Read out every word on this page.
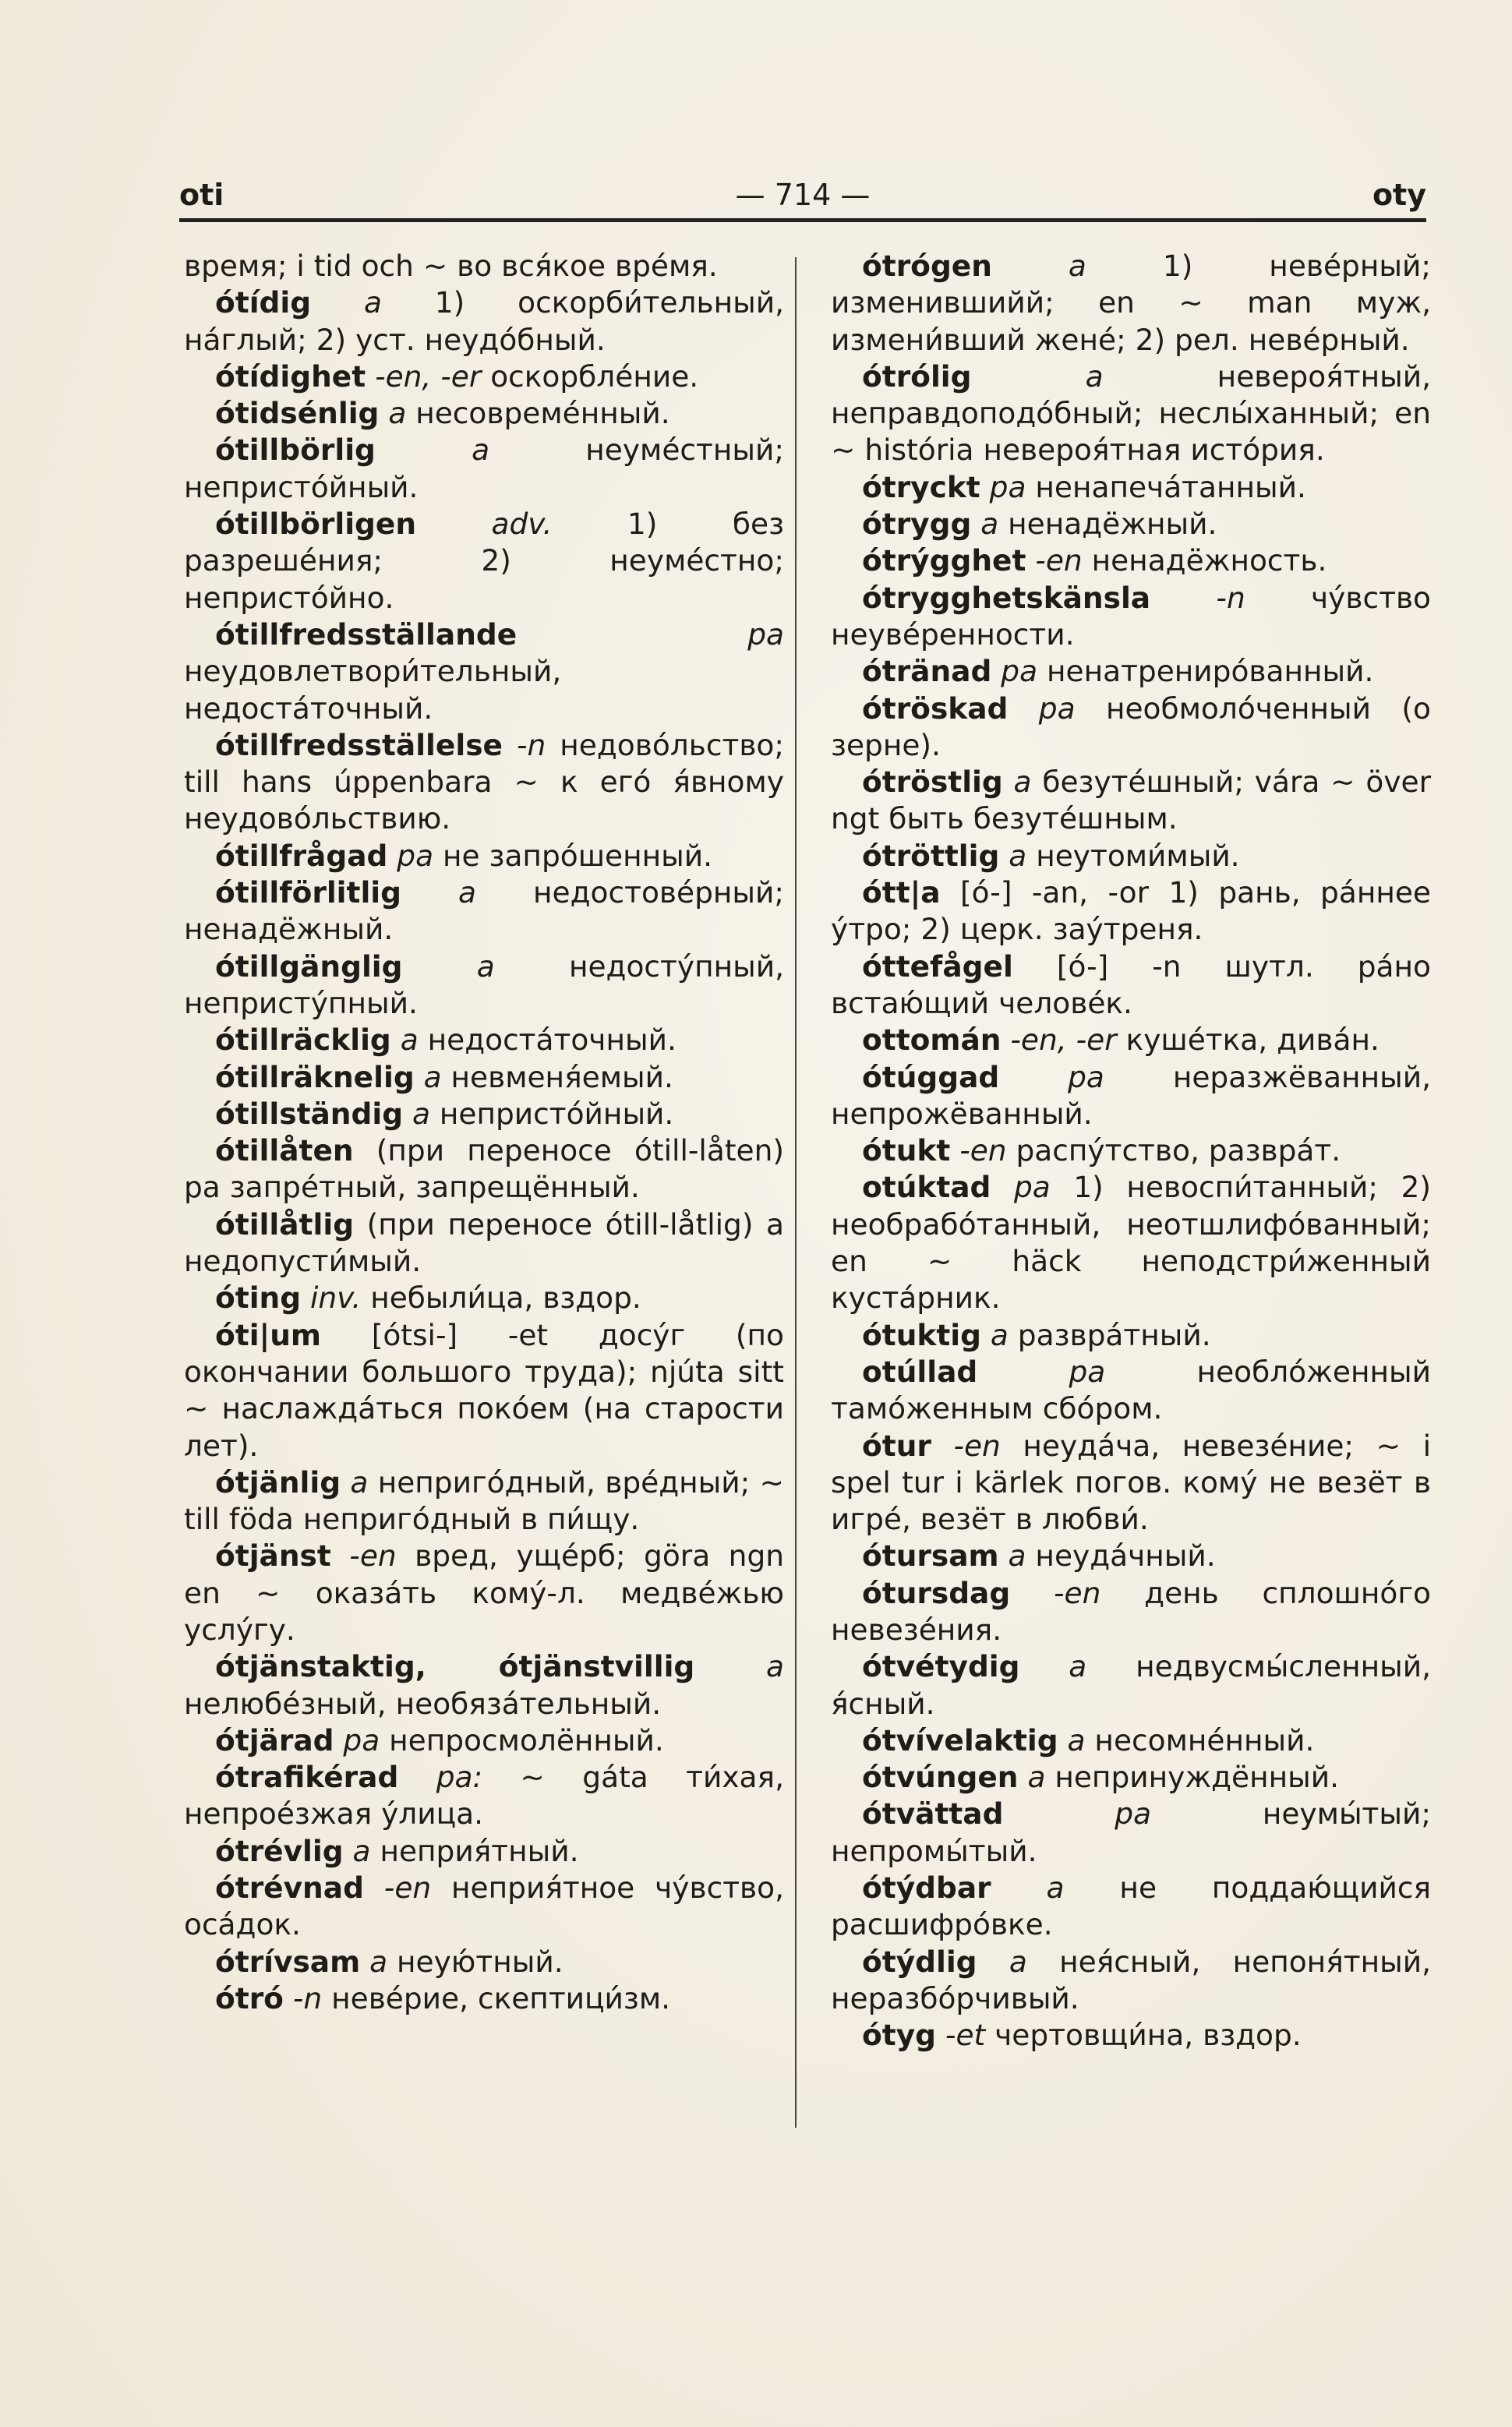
— 714 —
oti	oty

время; i tid och ~ во вся́кое вре́мя.

ótídig a 1) оскорби́тельный, на́глый; 2) уст. неудо́бный.

ótídighet -en, -er оскорбле́ние.

ótidsénlig a несовреме́нный.

ótillbörlig	a	неуме́стный; непристо́йный.

ótillbörligen	adv.	1) без разреше́ния; 2) неуме́стно; непристо́йно.

ótillfredsställande	pa неудовлетвори́тельный, недоста́точный.

ótillfredsställelse -n недово́льство; till hans úppenbara ~ к его́ я́вному неудово́льствию.

ótillfrågad pa не запро́шенный.

ótillförlitlig a недостове́рный; ненадёжный.

ótillgänglig	a	недосту́пный, непристу́пный.

ótillräcklig a недоста́точный.

ótillräknelig a невменя́емый.

ótillständig a непристо́йный.

ótillåten (при переносе ótill-låten) pa запре́тный, запрещённый.

ótillåtlig (при переносе ótill-låtlig) a недопусти́мый.

óting inv. небыли́ца, вздор.

óti|um [ótsi-] -et досу́г (по окончании большого труда); njúta sitt ~ наслажда́ться поко́ем (на старости лет).

ótjänlig a неприго́дный, вре́дный; ~ till föda неприго́дный в пи́щу.

ótjänst -en вред, уще́рб; göra ngn en ~ оказа́ть кому́-л. медве́жью услу́гу.

ótjänstaktig, ótjänstvillig a нелюбе́зный, необяза́тельный.

ótjärad pa непросмолённый.

ótrafikérad pa: ~ gáta ти́хая, непрое́зжая у́лица.

ótrévlig a неприя́тный.

ótrévnad -en неприя́тное чу́вство, оса́док.

ótrívsam a неую́тный.

ótró -n неве́рие, скептици́зм.

ótrógen	a	1) неве́рный; изменившийй; en ~ man муж, измени́вший жене́; 2) рел. неве́рный.

ótrólig	a	невероя́тный, неправдоподо́бный; неслы́ханный; en ~ história невероя́тная исто́рия.

ótryckt pa ненапеча́танный.

ótrygg a ненадёжный.

ótrýgghet -en ненадёжность.

ótrygghetskänsla -n чу́вство неуве́ренности.

ótränad pa ненатрениро́ванный.

ótröskad pa необмоло́ченный (о зерне).

ótröstlig a безуте́шный; vára ~ över ngt быть безуте́шным.

ótröttlig a неутоми́мый.

ótt|a [ó-] -an, -or 1) рань, ра́ннее у́тро; 2) церк. зау́треня.

óttefågel [ó-] -n шутл. ра́но встаю́щий челове́к.

ottomán -en, -er куше́тка, дива́н.

ótúggad pa неразжёванный, непрожёванный.

ótukt -en распу́тство, развра́т.

otúktad pa 1) невоспи́танный; 2) необрабо́танный, неотшлифо́ванный; en ~ häck неподстри́женный куста́рник.

ótuktig a развра́тный.

otúllad	pa	необло́женный тамо́женным сбо́ром.

ótur -en неуда́ча, невезе́ние; ~ i spel tur i kärlek погов. кому́ не везёт в игре́, везёт в любви́.

ótursam a неуда́чный.

ótursdag -en день сплошно́го невезе́ния.

ótvétydig a недвусмы́сленный, я́сный.

ótvívelaktig a несомне́нный.

ótvúngen a непринуждённый.

ótvättad	pa	неумы́тый; непромы́тый.

ótýdbar a не поддаю́щийся расшифро́вке.

ótýdlig a нея́сный, непоня́тный, неразбо́рчивый.

ótyg -et чертовщи́на, вздор.
